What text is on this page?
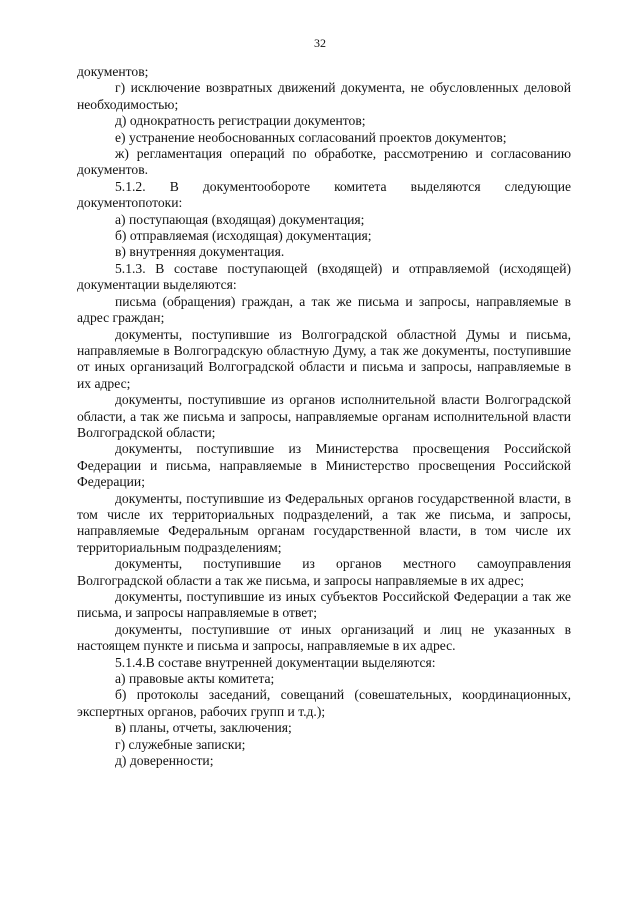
32

документов;

г) исключение возвратных движений документа, не обусловленных деловой необходимостью;

д) однократность регистрации документов;

е) устранение необоснованных согласований проектов документов;

ж) регламентация операций по обработке, рассмотрению и согласованию документов.

5.1.2. В документообороте комитета выделяются следующие документопотоки:

а) поступающая (входящая) документация;

б) отправляемая (исходящая) документация;

в) внутренняя документация.

5.1.3. В составе поступающей (входящей) и отправляемой (исходящей) документации выделяются:

письма (обращения) граждан, а так же письма и запросы, направляемые в адрес граждан;

документы, поступившие из Волгоградской областной Думы и письма, направляемые в Волгоградскую областную Думу, а так же документы, поступившие от иных организаций Волгоградской области и письма и запросы, направляемые в их адрес;

документы, поступившие из органов исполнительной власти Волгоградской области, а так же письма и запросы, направляемые органам исполнительной власти Волгоградской области;

документы, поступившие из Министерства просвещения Российской Федерации и письма, направляемые в Министерство просвещения Российской Федерации;

документы, поступившие из Федеральных органов государственной власти, в том числе их территориальных подразделений, а так же письма, и запросы, направляемые Федеральным органам государственной власти, в том числе их территориальным подразделениям;

документы, поступившие из органов местного самоуправления Волгоградской области а так же письма, и запросы направляемые в их адрес;

документы, поступившие из иных субъектов Российской Федерации а так же письма, и запросы направляемые в ответ;

документы, поступившие от иных организаций и лиц не указанных в настоящем пункте и письма и запросы, направляемые в их адрес.

5.1.4.В составе внутренней документации выделяются:

а) правовые акты комитета;

б) протоколы заседаний, совещаний (совешательных, координационных, экспертных органов, рабочих групп и т.д.);

в) планы, отчеты, заключения;

г) служебные записки;

д) доверенности;
